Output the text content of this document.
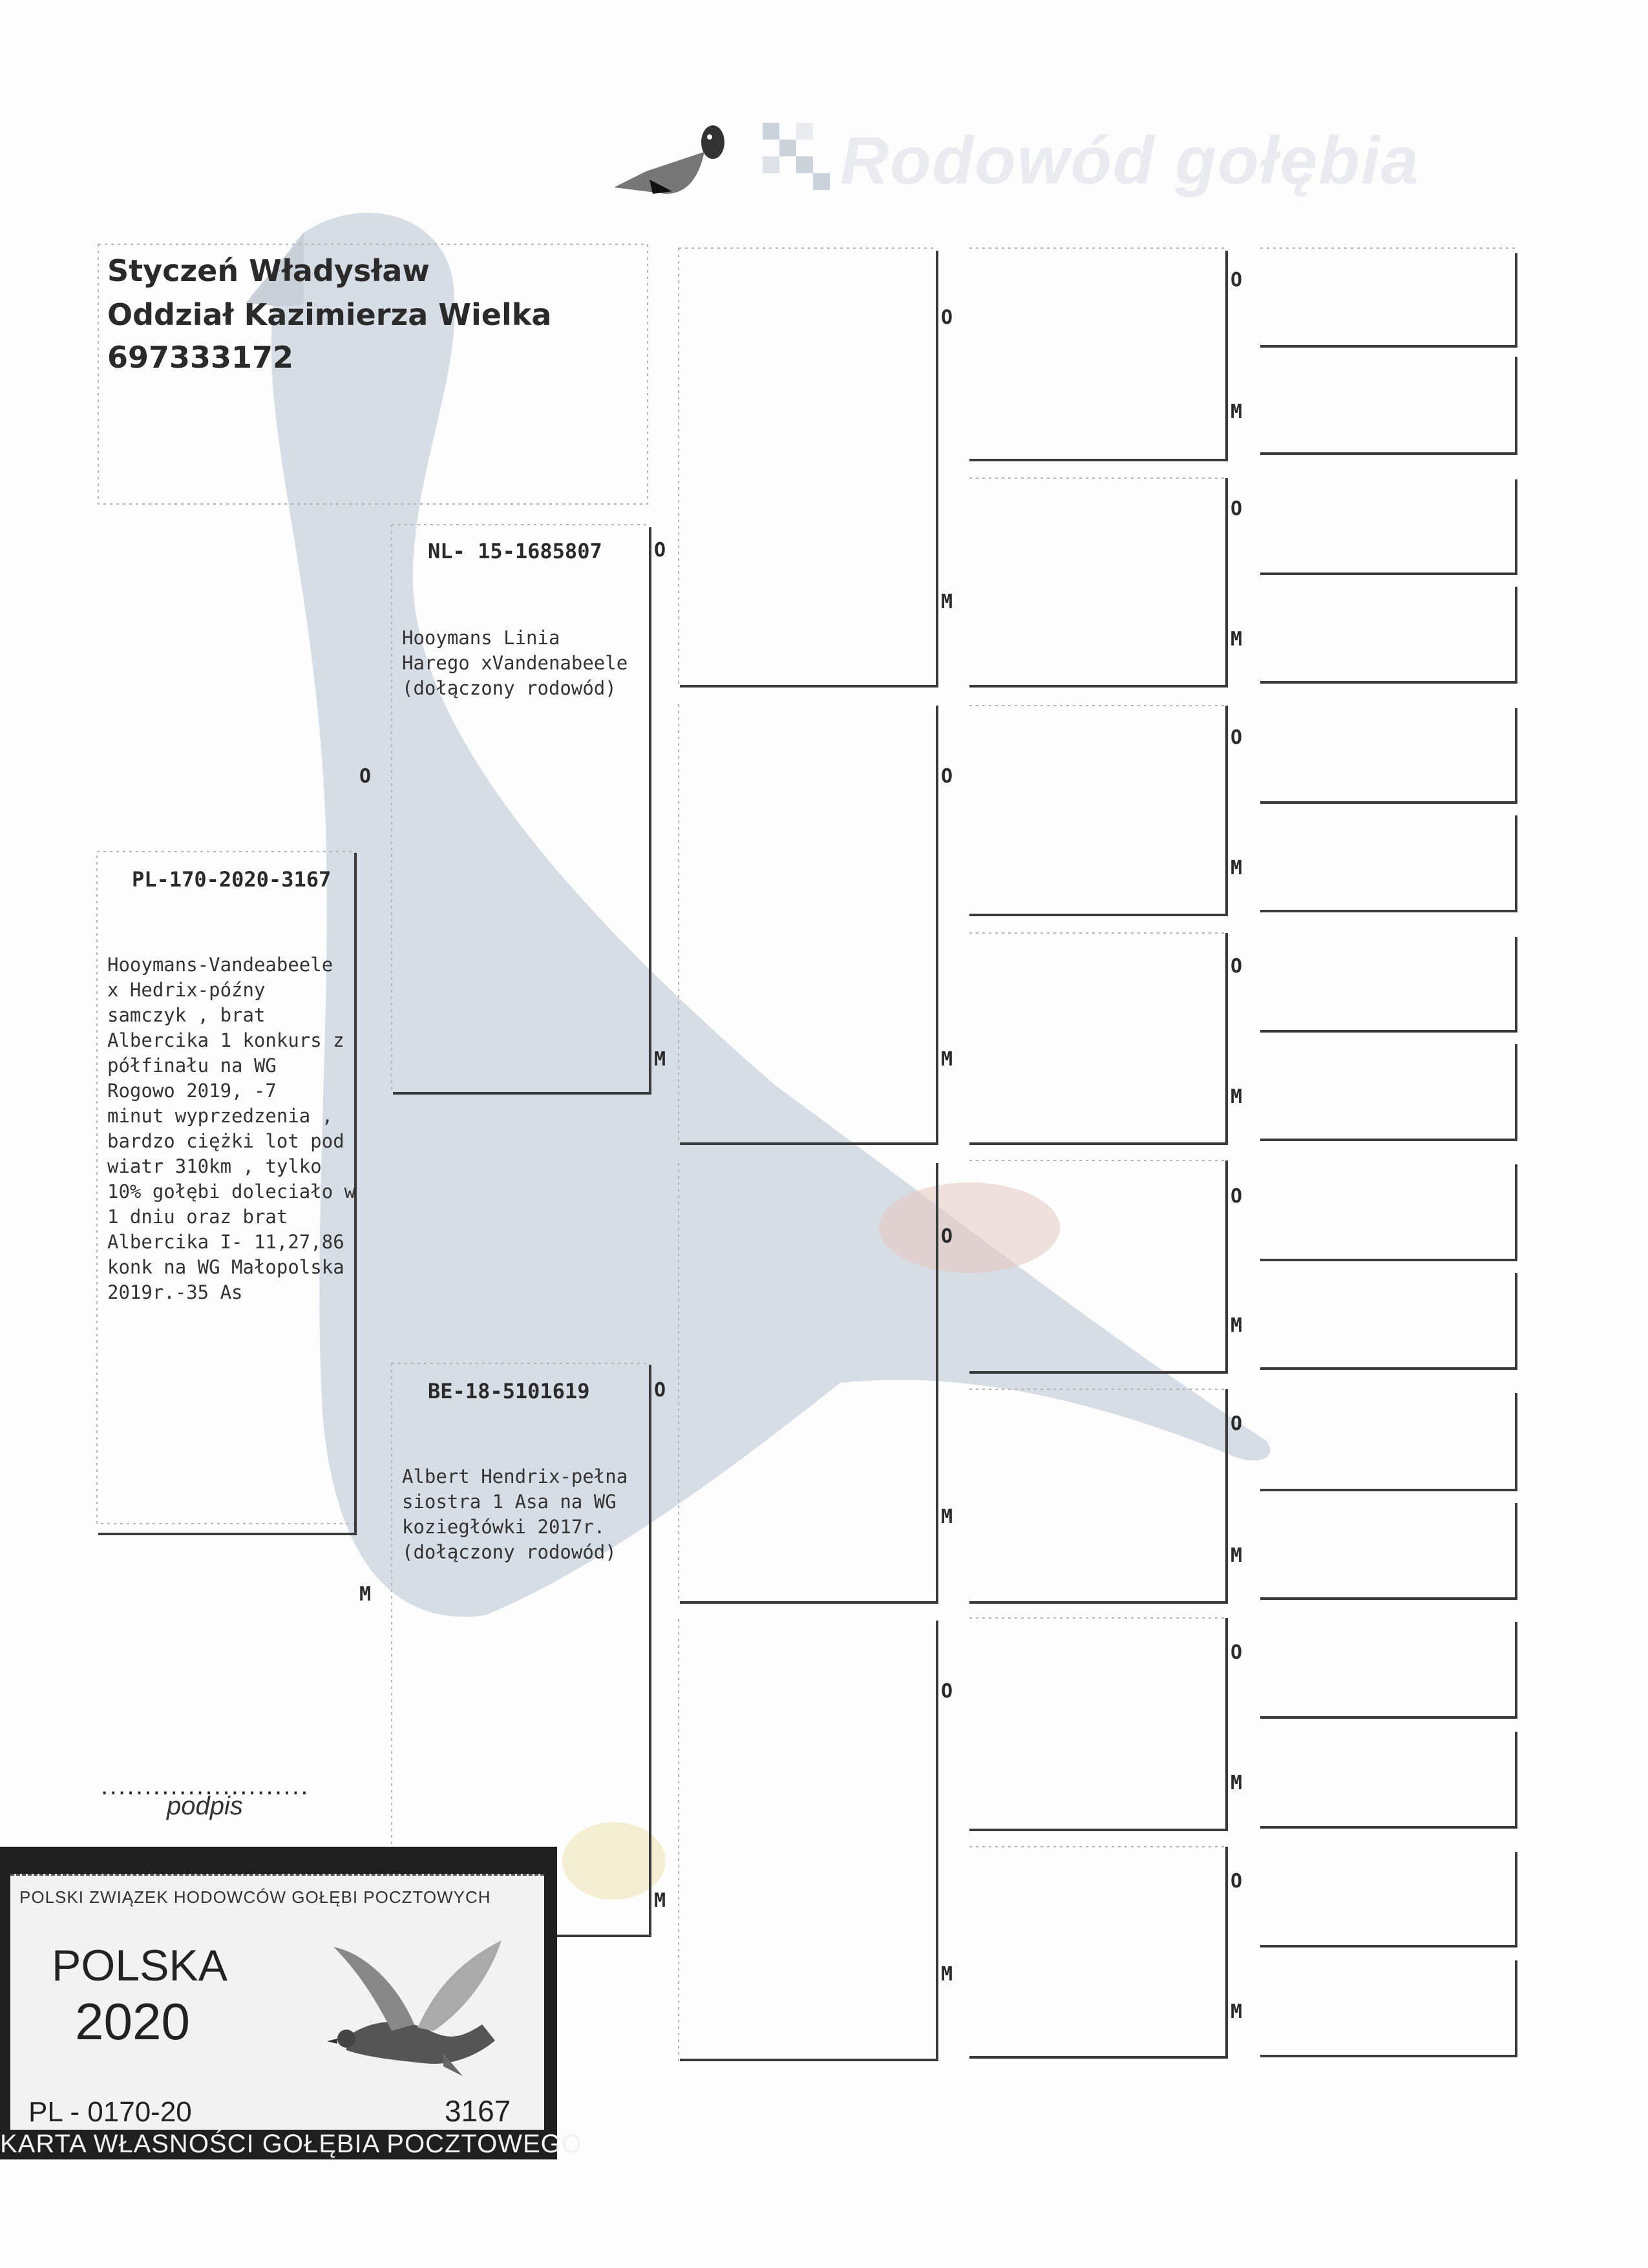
Rodowód gołębia
Styczeń Władysław
Oddział Kazimierza Wielka
697333172
PL-170-2020-3167
Hooymans-Vandeabeele
x Hedrix-późny
samczyk , brat
Albercika 1 konkurs z
półfinału na WG
Rogowo 2019, -7
minut wyprzedzenia ,
bardzo ciężki lot pod
wiatr 310km , tylko
10% gołębi doleciało w
1 dniu oraz brat
Albercika I- 11,27,86
konk na WG Małopolska
2019r.-35 As
NL- 15-1685807
Hooymans Linia
Harego xVandenabeele
(dołączony rodowód)
BE-18-5101619
Albert Hendrix-pełna
siostra 1 Asa na WG
koziegłówki 2017r.
(dołączony rodowód)
O
M
O
M
O
M
O
M
O
M
O
M
O
M
O
M
O
M
O
M
O
M
O
M
O
M
O
M
O
M
........................
podpis
POLSKI ZWIĄZEK HODOWCÓW GOŁĘBI POCZTOWYCH
POLSKA
2020
PL - 0170-20	3167
KARTA WŁASNOŚCI GOŁĘBIA POCZTOWEGO
